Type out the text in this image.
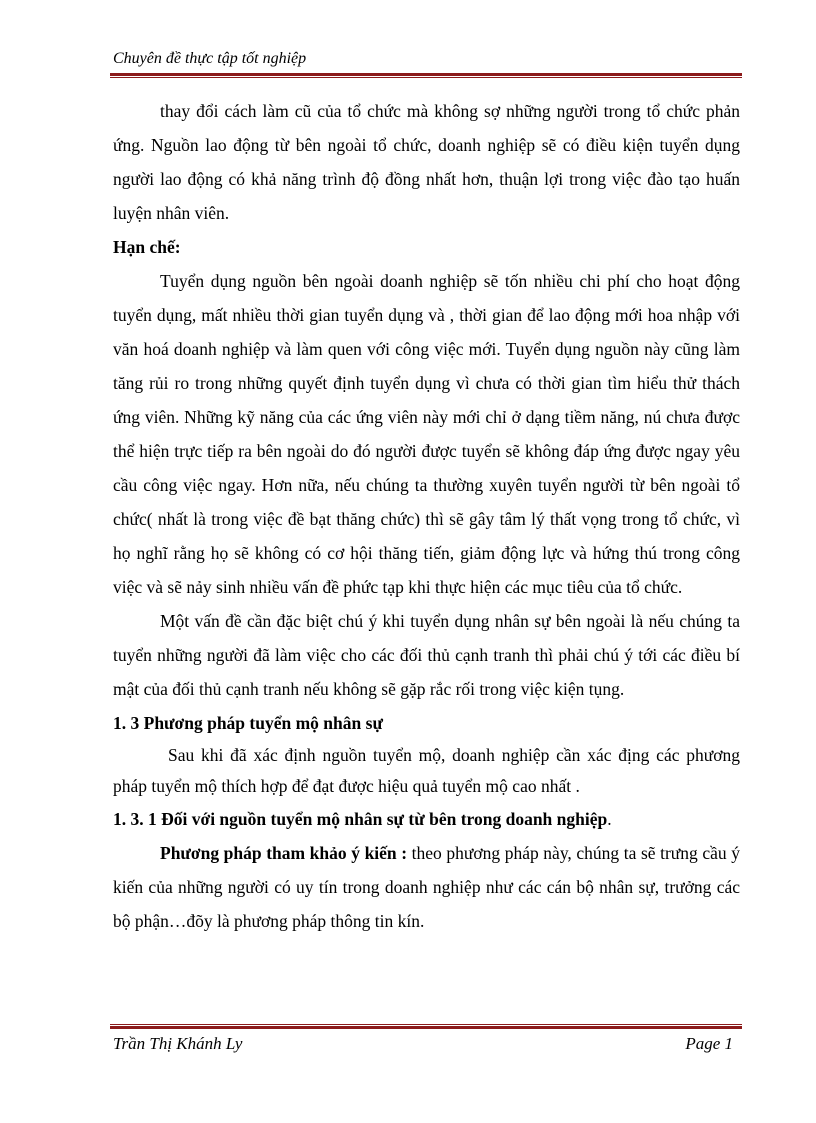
Chuyên đề thực tập tốt nghiệp

thay đổi cách làm cũ của tổ chức mà không sợ những người trong tổ chức phản ứng. Nguồn lao động từ bên ngoài tổ chức, doanh nghiệp sẽ có điều kiện tuyển dụng người lao động có khả năng trình độ đồng nhất hơn, thuận lợi trong việc đào tạo huấn luyện nhân viên.

Hạn chế:

Tuyển dụng nguồn bên ngoài doanh nghiệp sẽ tốn nhiều chi phí cho hoạt động tuyển dụng, mất nhiều thời gian tuyển dụng và , thời gian để lao động mới hoa nhập với văn hoá doanh nghiệp và làm quen với công việc mới. Tuyển dụng nguồn này cũng làm tăng rủi ro trong những quyết định tuyển dụng vì chưa có thời gian tìm hiểu thử thách ứng viên. Những kỹ năng của các ứng viên này mới chỉ ở dạng tiềm năng, nú chưa được thể hiện trực tiếp ra bên ngoài do đó người được tuyển sẽ không đáp ứng được ngay yêu cầu công việc ngay. Hơn nữa, nếu chúng ta thường xuyên tuyển người từ bên ngoài tổ chức( nhất là trong việc đề bạt thăng chức) thì sẽ gây tâm lý thất vọng trong tổ chức, vì họ nghĩ rằng họ sẽ không có cơ hội thăng tiến, giảm động lực và hứng thú trong công việc và sẽ nảy sinh nhiều vấn đề phức tạp khi thực hiện các mục tiêu của tổ chức.

Một vấn đề cần đặc biệt chú ý khi tuyển dụng nhân sự bên ngoài là nếu chúng ta tuyển những người đã làm việc cho các đối thủ cạnh tranh thì phải chú ý tới các điều bí mật của đối thủ cạnh tranh nếu không sẽ gặp rắc rối trong việc kiện tụng.

1. 3 Phương pháp tuyển mộ nhân sự

Sau khi đã xác định nguồn tuyển mộ, doanh nghiệp cần xác địng các phương pháp tuyển mộ thích hợp để đạt được hiệu quả tuyển mộ cao nhất .

1. 3. 1 Đối với nguồn tuyển mộ nhân sự từ bên trong doanh nghiệp.

Phương pháp tham khảo ý kiến : theo phương pháp này, chúng ta sẽ trưng cầu ý kiến của những người có uy tín trong doanh nghiệp như các cán bộ nhân sự, trưởng các bộ phận…đõy là phương pháp thông tin kín.

Trần Thị Khánh Ly	Page 1
